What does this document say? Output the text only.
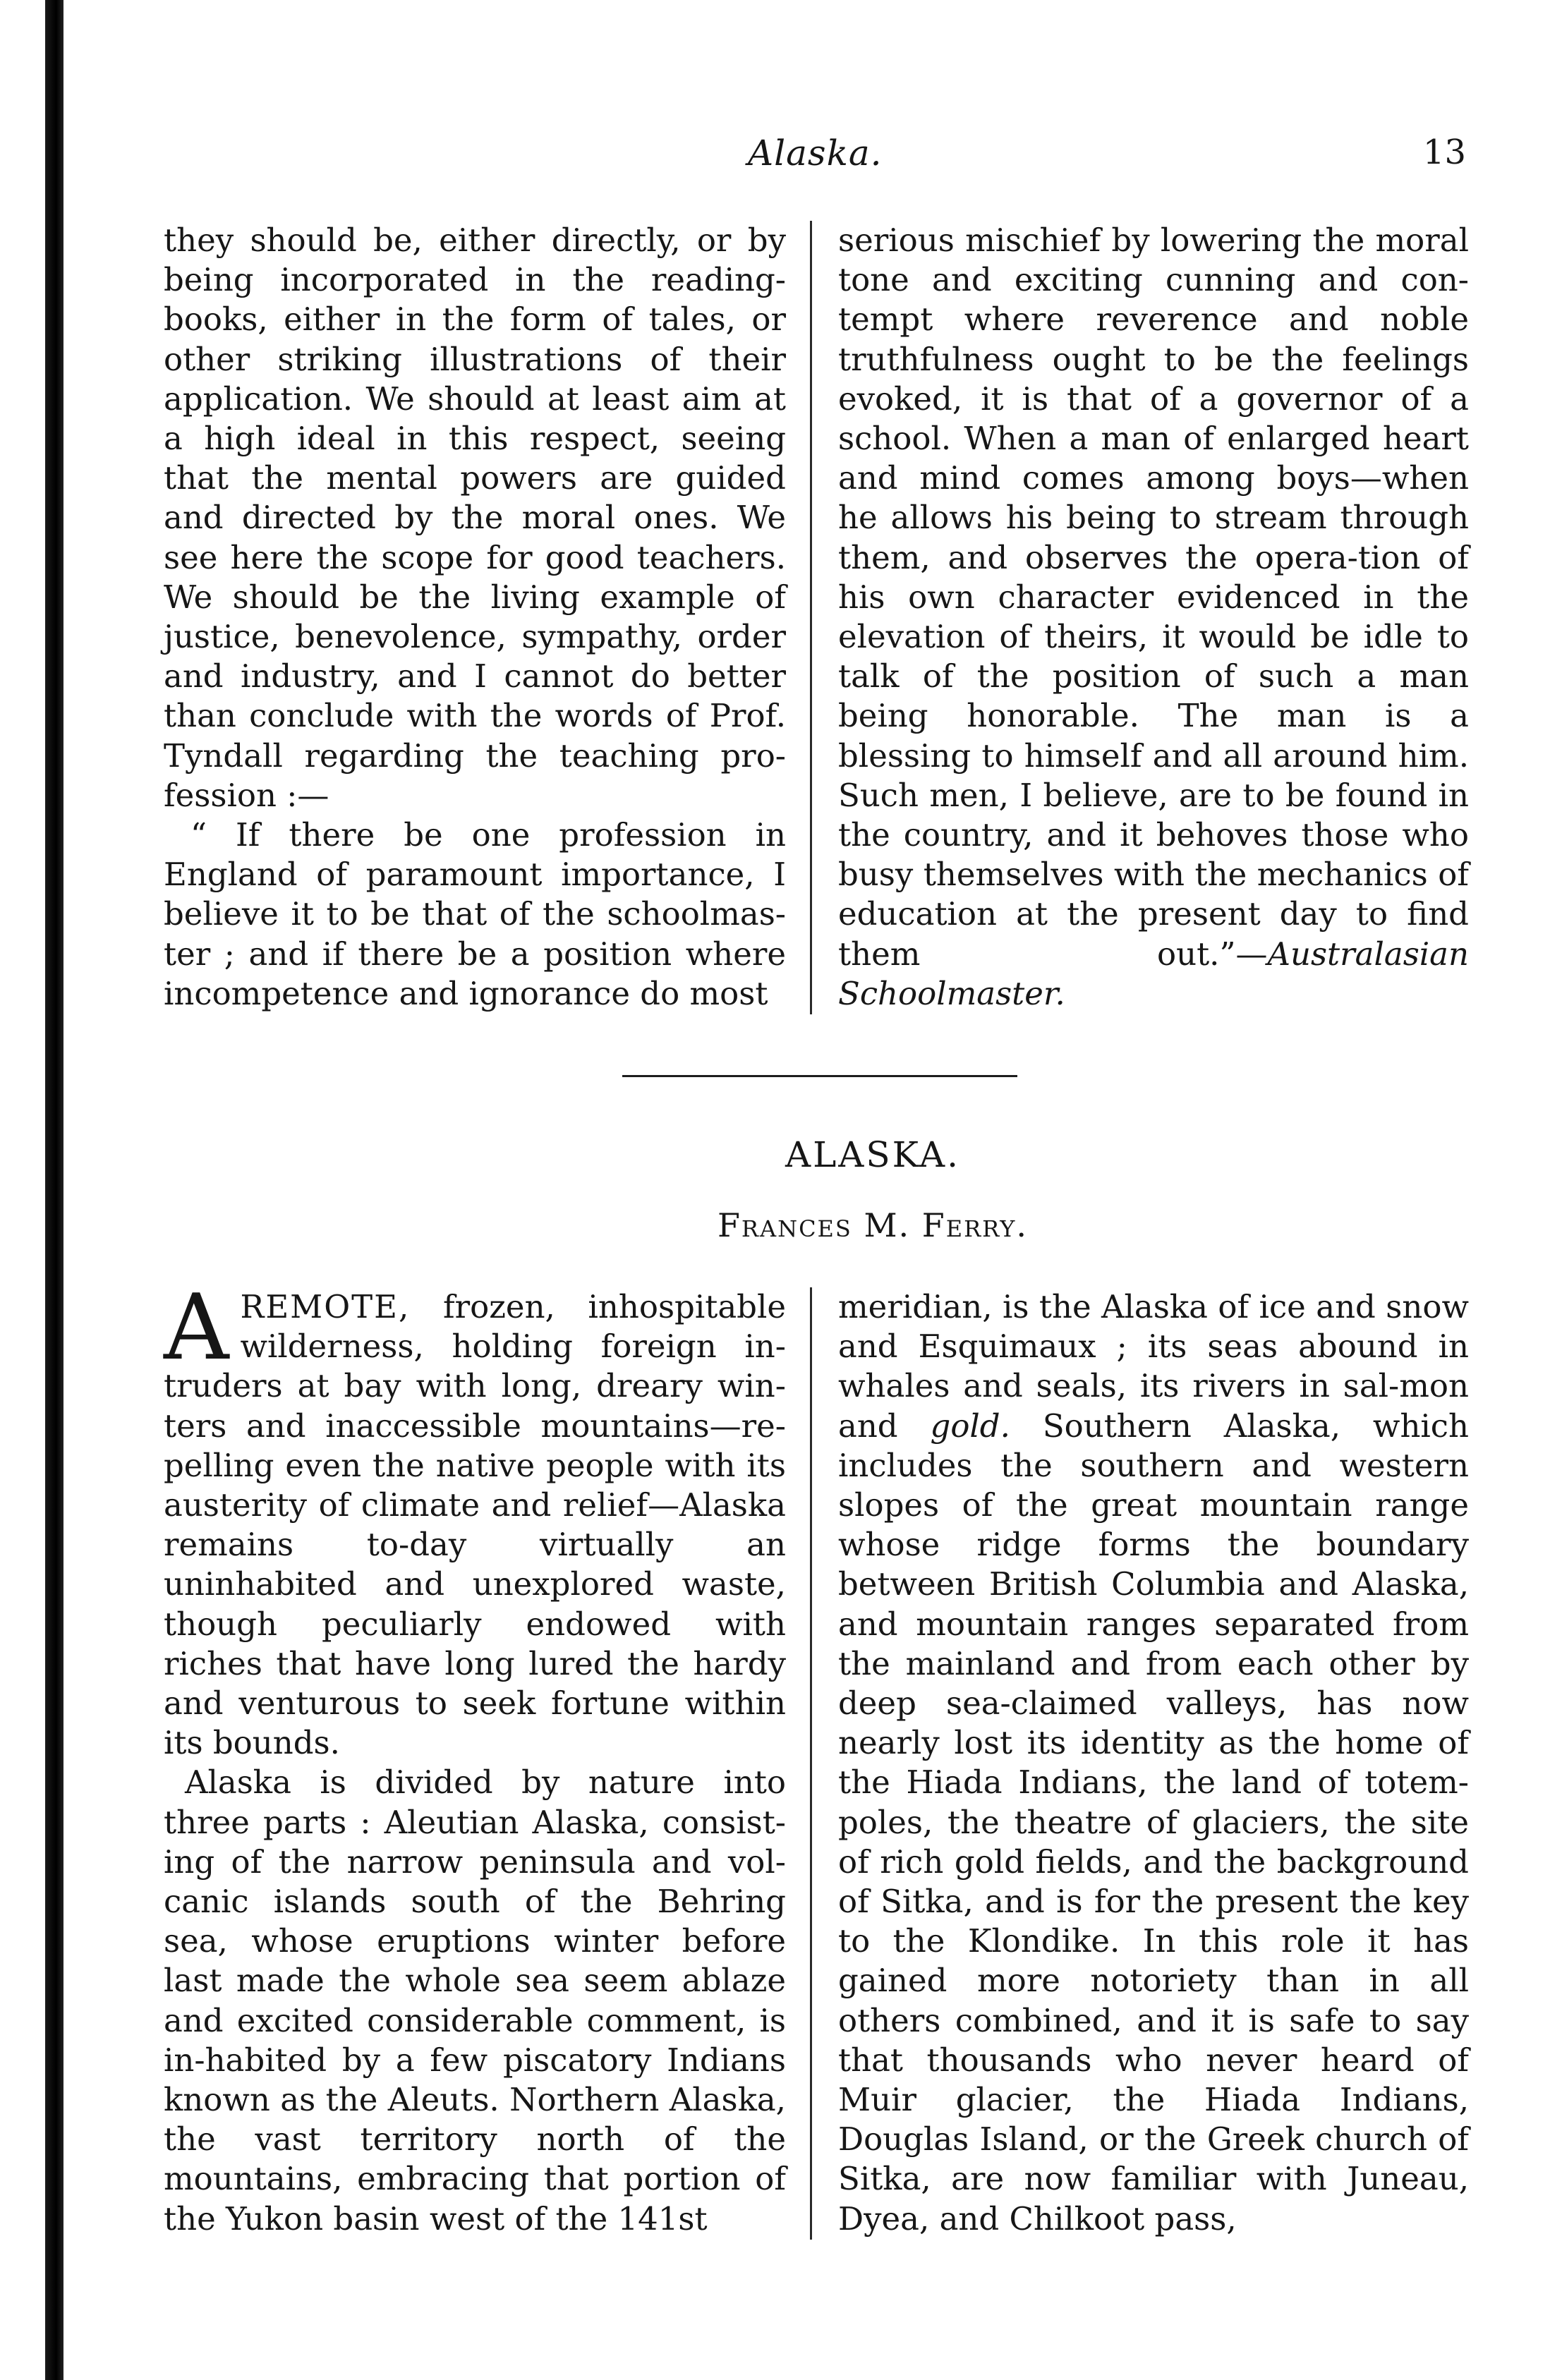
Alaska.	13

they should be, either directly, or by being incorporated in the reading-books, either in the form of tales, or other striking illustrations of their application. We should at least aim at a high ideal in this respect, seeing that the mental powers are guided and directed by the moral ones. We see here the scope for good teachers. We should be the living example of justice, benevolence, sympathy, order and industry, and I cannot do better than conclude with the words of Prof. Tyndall regarding the teaching pro-fession :—

“ If there be one profession in England of paramount importance, I believe it to be that of the schoolmas-ter ; and if there be a position where incompetence and ignorance do most

serious mischief by lowering the moral tone and exciting cunning and con-tempt where reverence and noble truthfulness ought to be the feelings evoked, it is that of a governor of a school. When a man of enlarged heart and mind comes among boys—when he allows his being to stream through them, and observes the opera-tion of his own character evidenced in the elevation of theirs, it would be idle to talk of the position of such a man being honorable. The man is a blessing to himself and all around him. Such men, I believe, are to be found in the country, and it behoves those who busy themselves with the mechanics of education at the present day to find them out.”—Australasian Schoolmaster.

ALASKA.
Frances M. Ferry.

AREMOTE, frozen, inhospitable wilderness, holding foreign in-truders at bay with long, dreary win-ters and inaccessible mountains—re-pelling even the native people with its austerity of climate and relief—Alaska remains to-day virtually an uninhabited and unexplored waste, though peculiarly endowed with riches that have long lured the hardy and venturous to seek fortune within its bounds.

Alaska is divided by nature into three parts : Aleutian Alaska, consist-ing of the narrow peninsula and vol-canic islands south of the Behring sea, whose eruptions winter before last made the whole sea seem ablaze and excited considerable comment, is in-habited by a few piscatory Indians known as the Aleuts. Northern Alaska, the vast territory north of the mountains, embracing that portion of the Yukon basin west of the 141st

meridian, is the Alaska of ice and snow and Esquimaux ; its seas abound in whales and seals, its rivers in sal-mon and gold. Southern Alaska, which includes the southern and western slopes of the great mountain range whose ridge forms the boundary between British Columbia and Alaska, and mountain ranges separated from the mainland and from each other by deep sea-claimed valleys, has now nearly lost its identity as the home of the Hiada Indians, the land of totem-poles, the theatre of glaciers, the site of rich gold fields, and the background of Sitka, and is for the present the key to the Klondike. In this role it has gained more notoriety than in all others combined, and it is safe to say that thousands who never heard of Muir glacier, the Hiada Indians, Douglas Island, or the Greek church of Sitka, are now familiar with Juneau, Dyea, and Chilkoot pass,
